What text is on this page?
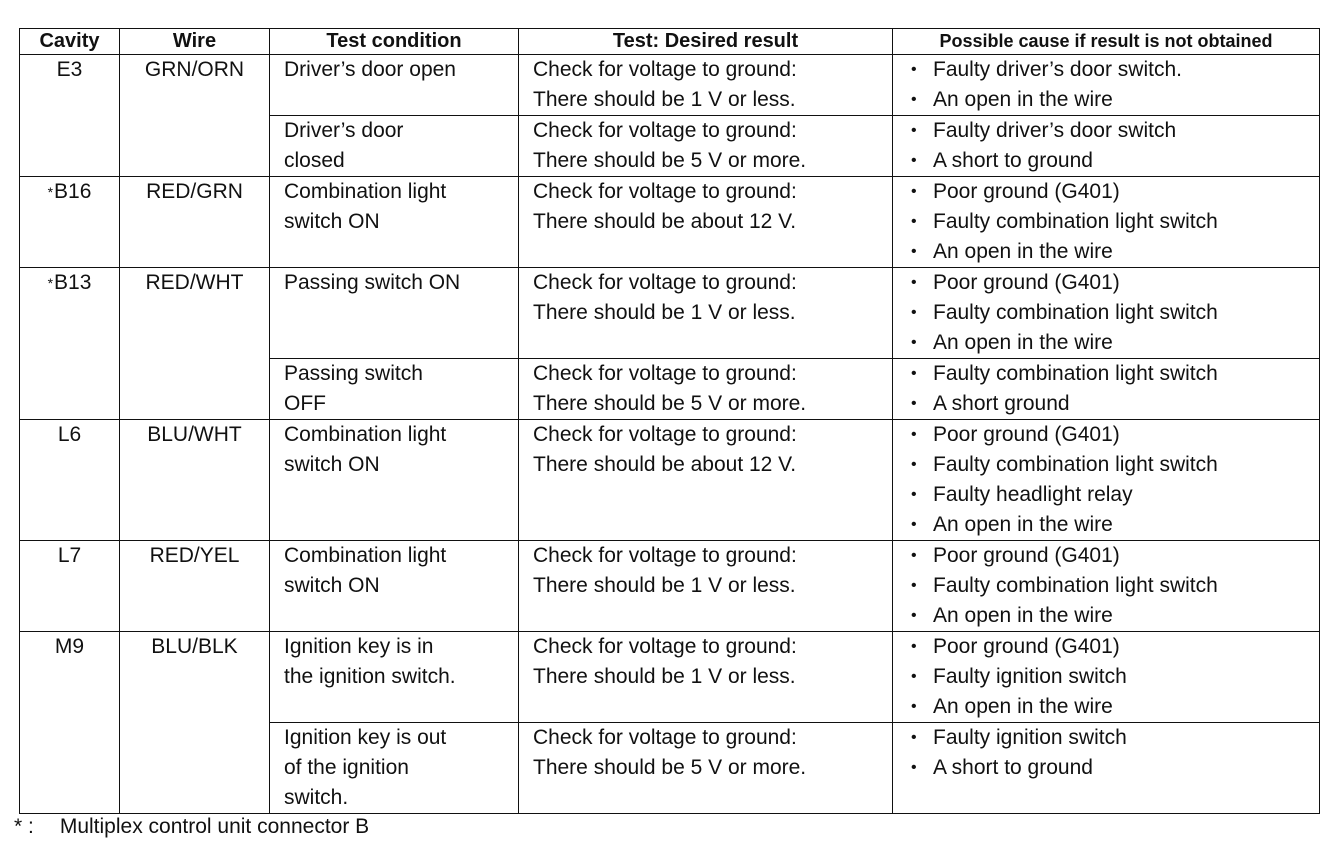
Cavity	Wire	Test condition	Test: Desired result	Possible cause if result is not obtained
E3	GRN/ORN	Driver’s door open	Check for voltage to ground:
There should be 1 V or less.	• Faulty driver’s door switch.
• An open in the wire

		Driver’s door
closed	Check for voltage to ground:
There should be 5 V or more.	• Faulty driver’s door switch
• A short to ground

*B16	RED/GRN	Combination light
switch ON	Check for voltage to ground:
There should be about 12 V.	• Poor ground (G401)
• Faulty combination light switch
• An open in the wire

*B13	RED/WHT	Passing switch ON	Check for voltage to ground:
There should be 1 V or less.	• Poor ground (G401)
• Faulty combination light switch
• An open in the wire

		Passing switch
OFF	Check for voltage to ground:
There should be 5 V or more.	• Faulty combination light switch
• A short ground

L6	BLU/WHT	Combination light
switch ON	Check for voltage to ground:
There should be about 12 V.	• Poor ground (G401)
• Faulty combination light switch
• Faulty headlight relay
• An open in the wire

L7	RED/YEL	Combination light
switch ON	Check for voltage to ground:
There should be 1 V or less.	• Poor ground (G401)
• Faulty combination light switch
• An open in the wire

M9	BLU/BLK	Ignition key is in
the ignition switch.	Check for voltage to ground:
There should be 1 V or less.	• Poor ground (G401)
• Faulty ignition switch
• An open in the wire

		Ignition key is out
of the ignition
switch.	Check for voltage to ground:
There should be 5 V or more.	• Faulty ignition switch
• A short to ground
* : Multiplex control unit connector B
